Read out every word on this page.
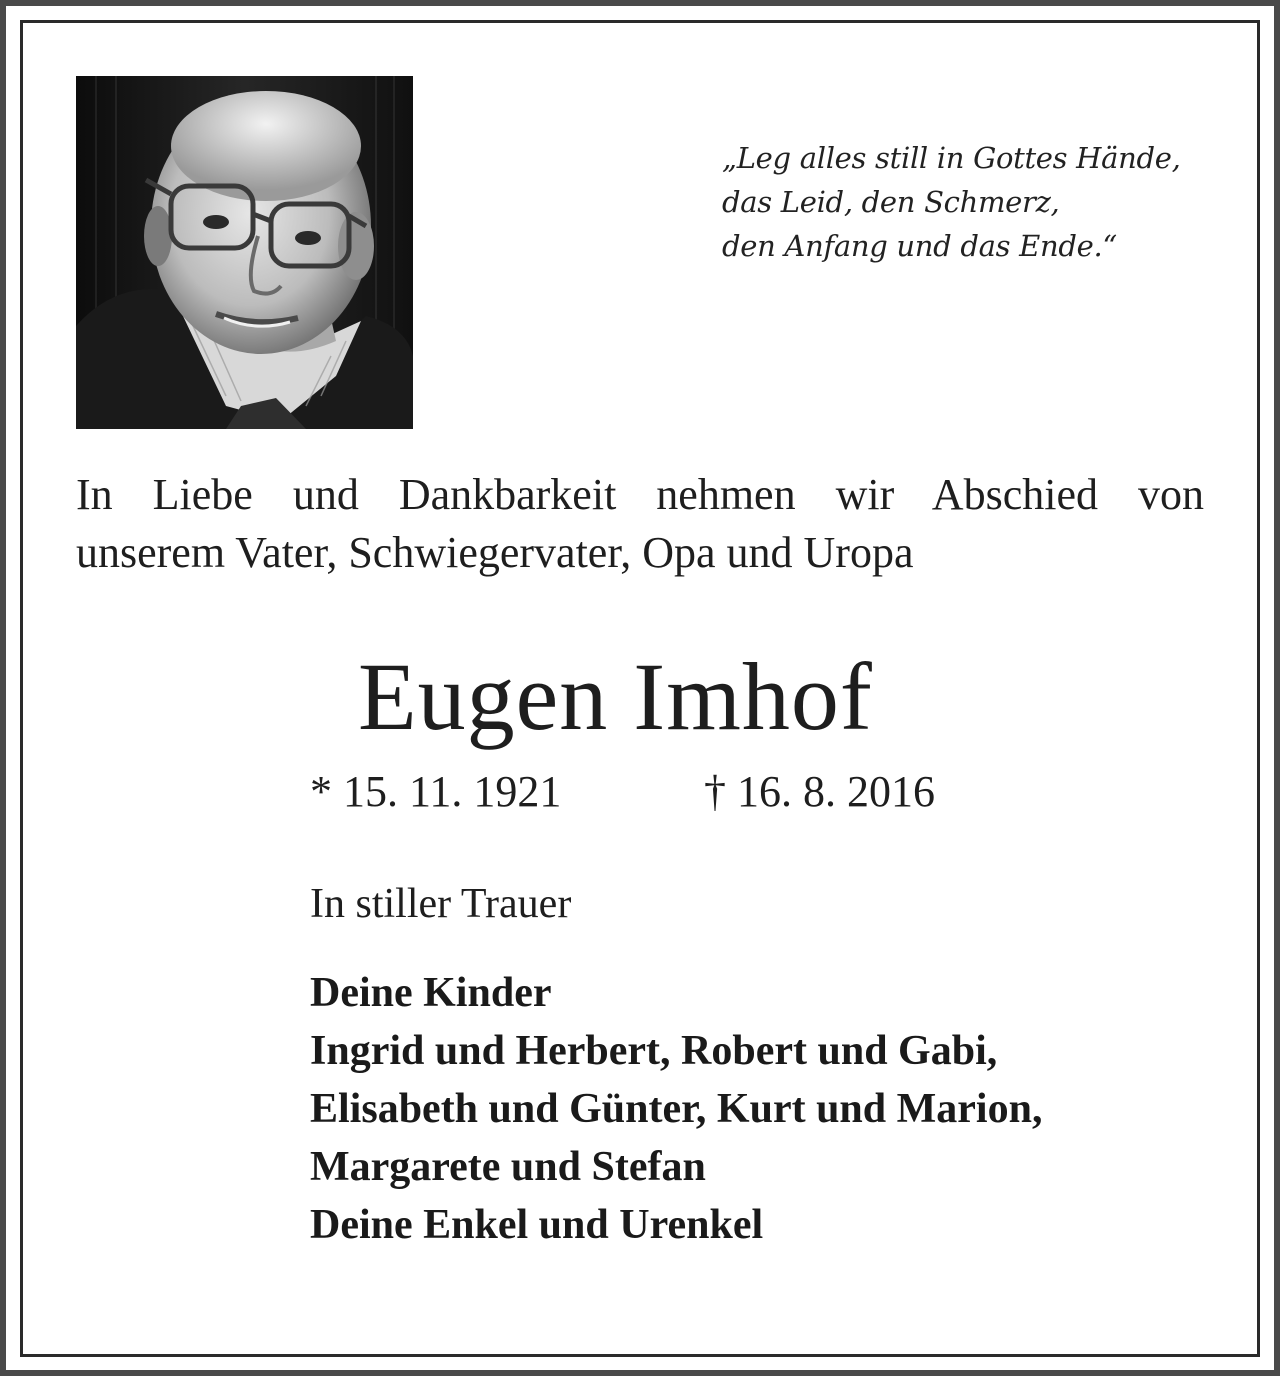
„Leg alles still in Gottes Hände,
das Leid, den Schmerz,
den Anfang und das Ende.“
In Liebe und Dankbarkeit nehmen wir Abschied von
unserem Vater, Schwiegervater, Opa und Uropa
Eugen Imhof
* 15. 11. 1921	† 16. 8. 2016
In stiller Trauer
Deine Kinder
Ingrid und Herbert, Robert und Gabi,
Elisabeth und Günter, Kurt und Marion,
Margarete und Stefan
Deine Enkel und Urenkel
